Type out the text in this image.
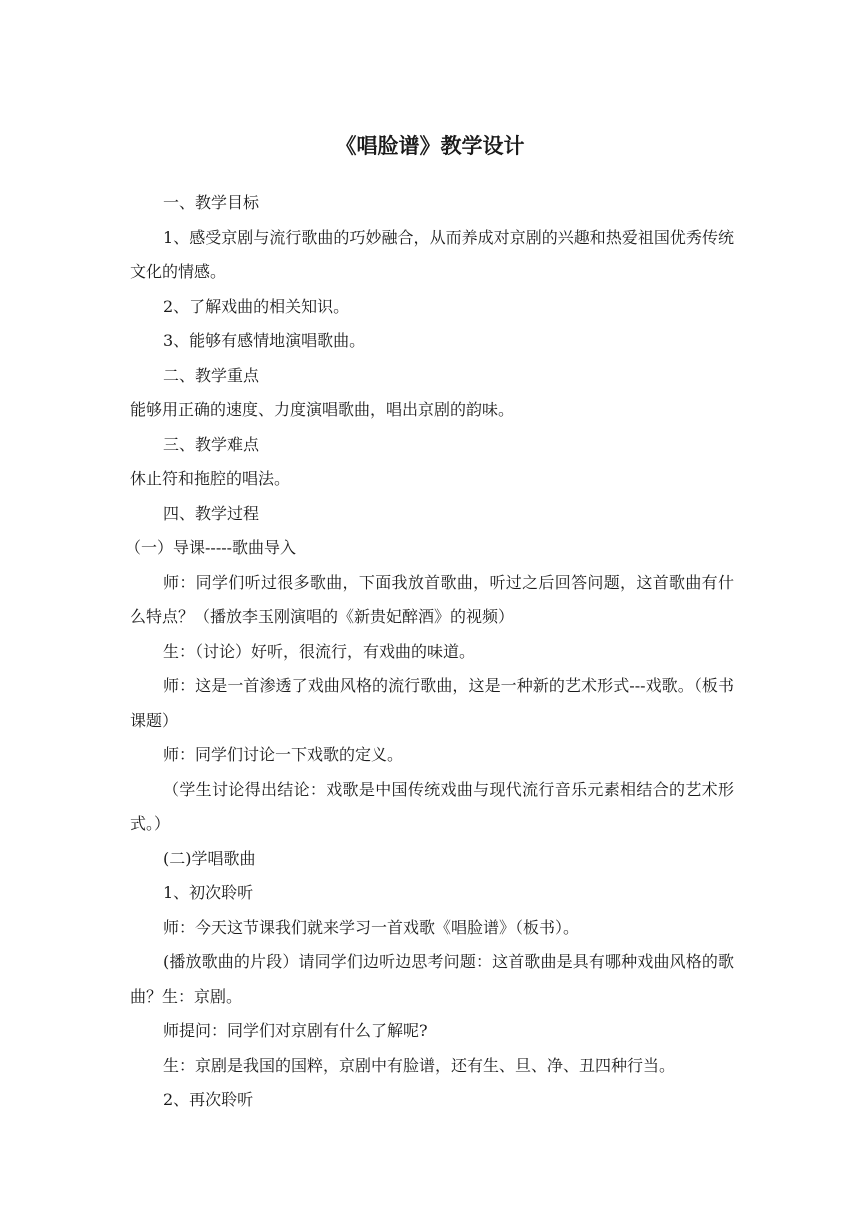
《唱脸谱》教学设计

一、教学目标

1、感受京剧与流行歌曲的巧妙融合，从而养成对京剧的兴趣和热爱祖国优秀传统文化的情感。

2、了解戏曲的相关知识。

3、能够有感情地演唱歌曲。

二、教学重点

能够用正确的速度、力度演唱歌曲，唱出京剧的韵味。

三、教学难点

休止符和拖腔的唱法。

四、教学过程

（一）导课-----歌曲导入

师：同学们听过很多歌曲，下面我放首歌曲，听过之后回答问题，这首歌曲有什么特点？（播放李玉刚演唱的《新贵妃醉酒》的视频）

生：（讨论）好听，很流行，有戏曲的味道。

师：这是一首渗透了戏曲风格的流行歌曲，这是一种新的艺术形式---戏歌。（板书课题）

师：同学们讨论一下戏歌的定义。

（学生讨论得出结论：戏歌是中国传统戏曲与现代流行音乐元素相结合的艺术形式。）

(二)学唱歌曲

1、初次聆听

师：今天这节课我们就来学习一首戏歌《唱脸谱》（板书）。

(播放歌曲的片段）请同学们边听边思考问题：这首歌曲是具有哪种戏曲风格的歌曲？生：京剧。

师提问：同学们对京剧有什么了解呢?

生：京剧是我国的国粹，京剧中有脸谱，还有生、旦、净、丑四种行当。

2、再次聆听
